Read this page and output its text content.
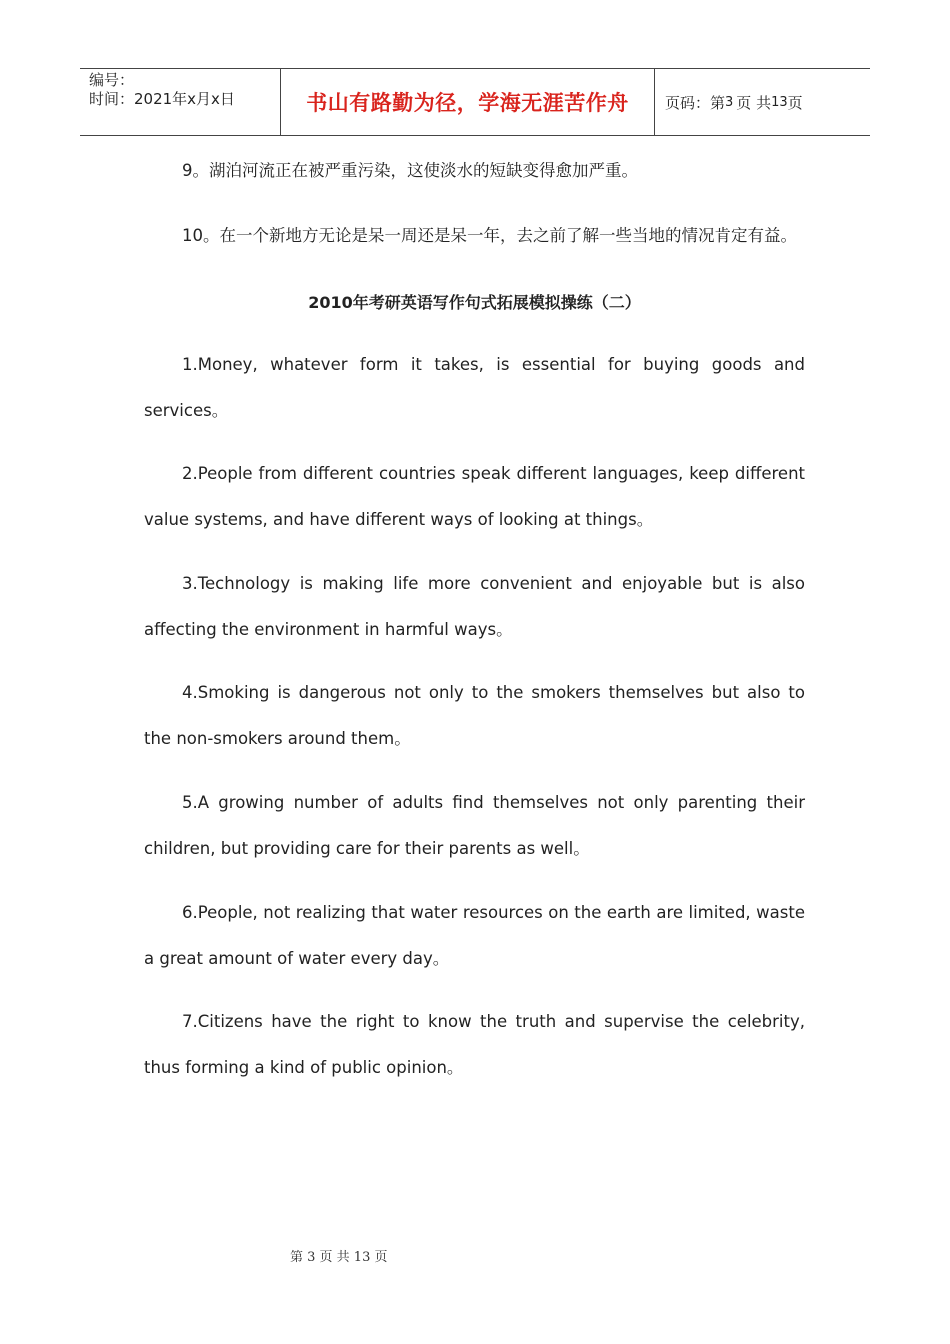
编号：
时间：2021年x月x日	书山有路勤为径，学海无涯苦作舟 页码：第 3 页 共 13 页
9。湖泊河流正在被严重污染，这使淡水的短缺变得愈加严重。
10。在一个新地方无论是呆一周还是呆一年，去之前了解一些当地的情况肯定有益。
2010年考研英语写作句式拓展模拟操练（二）
1.Money, whatever form it takes, is essential for buying goods and services。
2.People from different countries speak different languages, keep different value systems, and have different ways of looking at things。
3.Technology is making life more convenient and enjoyable but is also affecting the environment in harmful ways。
4.Smoking is dangerous not only to the smokers themselves but also to the non-smokers around them。
5.A growing number of adults find themselves not only parenting their children, but providing care for their parents as well。
6.People, not realizing that water resources on the earth are limited, waste a great amount of water every day。
7.Citizens have the right to know the truth and supervise the celebrity, thus forming a kind of public opinion。
第 3 页 共 13 页
